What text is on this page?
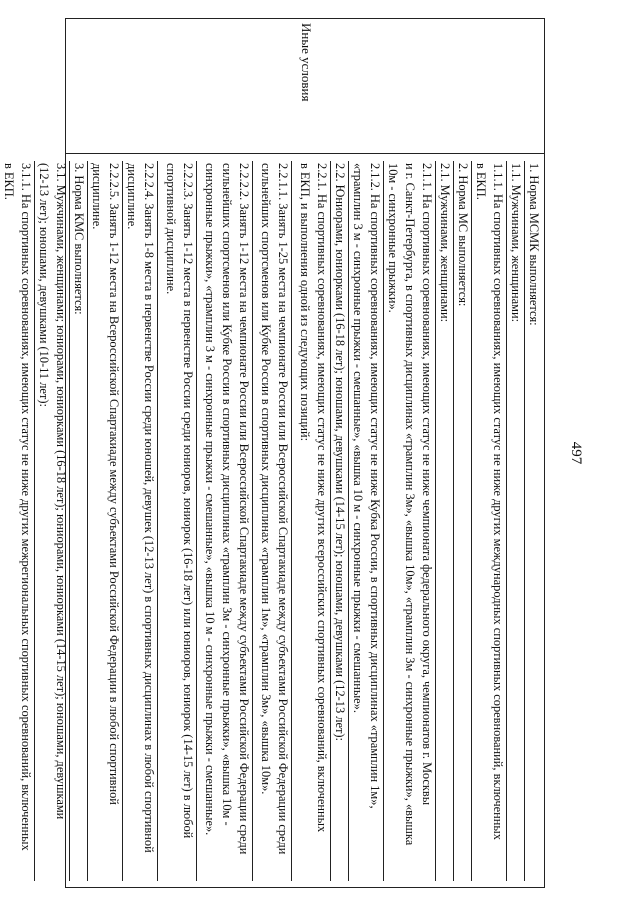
497
Иные условия
1. Норма МСМК выполняется:
1.1. Мужчинами, женщинами:
1.1.1. На спортивных соревнованиях, имеющих статус не ниже других международных спортивных соревнований, включенных
в ЕКП.
2. Норма МС выполняется:
2.1. Мужчинами, женщинами:
2.1.1. На спортивных соревнованиях, имеющих статус не ниже чемпионата федерального округа, чемпионатов г. Москвы
и г. Санкт-Петербурга, в спортивных дисциплинах «трамплин 3м», «вышка 10м», «трамплин 3м - синхронные прыжки», «вышка
10м - синхронные прыжки».
2.1.2. На спортивных соревнованиях, имеющих статус не ниже Кубка России, в спортивных дисциплинах «трамплин 1м»,
«трамплин 3 м - синхронные прыжки - смешанные», «вышка 10 м - синхронные прыжки - смешанные».
2.2. Юниорами, юниорками (16-18 лет); юношами, девушками (14-15 лет); юношами, девушками (12-13 лет):
2.2.1. На спортивных соревнованиях, имеющих статус не ниже других всероссийских спортивных соревнований, включенных
в ЕКП, и выполнения одной из следующих позиций:
2.2.1.1. Занять 1-25 места на чемпионате России или Всероссийской Спартакиаде между субъектами Российской Федерации среди
сильнейших спортсменов или Кубке России в спортивных дисциплинах «трамплин 1м», «трамплин 3м», «вышка 10м».
2.2.2.2. Занять 1-12 места на чемпионате России или Всероссийской Спартакиаде между субъектами Российской Федерации среди
сильнейших спортсменов или Кубке России в спортивных дисциплинах «трамплин 3м - синхронные прыжки», «вышка 10м -
синхронные прыжки», «трамплин 3 м - синхронные прыжки - смешанные», «вышка 10 м - синхронные прыжки - смешанные».
2.2.2.3. Занять 1-12 места в первенстве России среди юниоров, юниорок (16-18 лет) или юниоров, юниорок (14-15 лет) в любой
спортивной дисциплине.
2.2.2.4. Занять 1-8 места в первенстве России среди юношей, девушек (12-13 лет) в спортивных дисциплинах в любой спортивной
дисциплине.
2.2.2.5. Занять 1-12 места на Всероссийской Спартакиаде между субъектами Российской Федерации в любой спортивной
дисциплине.
3. Норма КМС выполняется:
3.1. Мужчинами, женщинами; юниорами, юниорками (16-18 лет); юниорами, юниорками (14-15 лет); юношами, девушками
(12-13 лет); юношами, девушками (10-11 лет):
3.1.1. На спортивных соревнованиях, имеющих статус не ниже других межрегиональных спортивных соревнований, включенных
в ЕКП.
